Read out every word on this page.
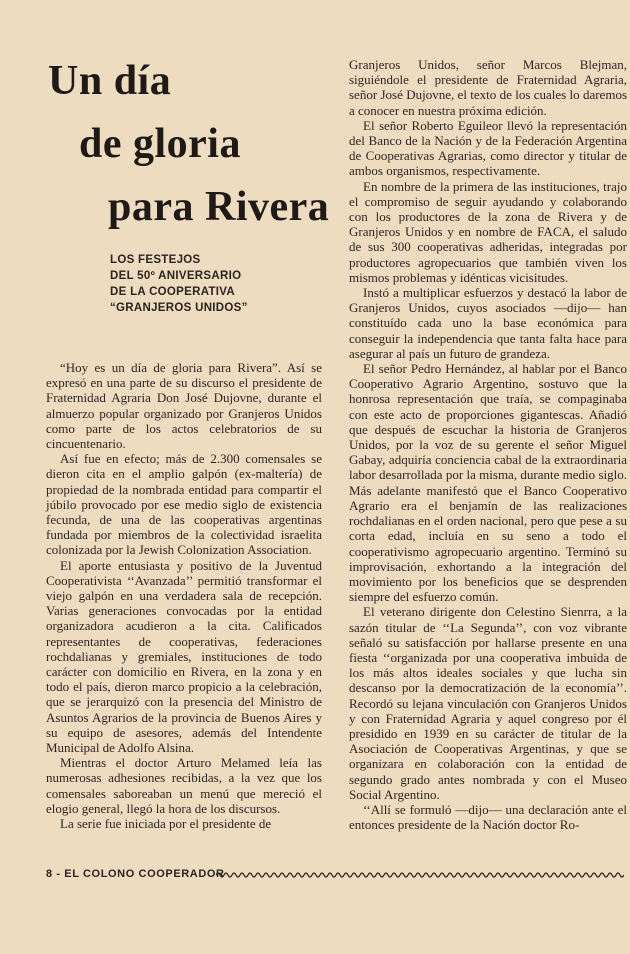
Un día
de gloria
para Rivera
LOS FESTEJOS
DEL 50º ANIVERSARIO
DE LA COOPERATIVA
“GRANJEROS UNIDOS”

“Hoy es un día de gloria para Rivera”. Así se expresó en una parte de su discurso el presidente de Fraternidad Agraria Don José Dujovne, durante el almuerzo popular organizado por Granjeros Unidos como parte de los actos celebratorios de su cincuentenario.

Así fue en efecto; más de 2.300 comensales se dieron cita en el amplio galpón (ex-maltería) de propiedad de la nombrada entidad para compartir el júbilo provocado por ese medio siglo de existencia fecunda, de una de las cooperativas argentinas fundada por miembros de la colectividad israelita colonizada por la Jewish Colonization Association.

El aporte entusiasta y positivo de la Juventud Cooperativista ‘‘Avanzada’’ permitió transformar el viejo galpón en una verdadera sala de recepción. Varias generaciones convocadas por la entidad organizadora acudieron a la cita. Calificados representantes de cooperativas, federaciones rochdalianas y gremiales, instituciones de todo carácter con domicilio en Rivera, en la zona y en todo el país, dieron marco propicio a la celebración, que se jerarquizó con la presencia del Ministro de Asuntos Agrarios de la provincia de Buenos Aires y su equipo de asesores, además del Intendente Municipal de Adolfo Alsina.

Mientras el doctor Arturo Melamed leía las numerosas adhesiones recibidas, a la vez que los comensales saboreaban un menú que mereció el elogio general, llegó la hora de los discursos.

La serie fue iniciada por el presidente de

Granjeros Unidos, señor Marcos Blejman, siguiéndole el presidente de Fraternidad Agraria, señor José Dujovne, el texto de los cuales lo daremos a conocer en nuestra próxima edición.

El señor Roberto Eguileor llevó la representación del Banco de la Nación y de la Federación Argentina de Cooperativas Agrarias, como director y titular de ambos organismos, respectivamente.

En nombre de la primera de las instituciones, trajo el compromiso de seguir ayudando y colaborando con los productores de la zona de Rivera y de Granjeros Unidos y en nombre de FACA, el saludo de sus 300 cooperativas adheridas, integradas por productores agropecuarios que también viven los mismos problemas y idénticas vicisitudes.

Instó a multiplicar esfuerzos y destacó la labor de Granjeros Unidos, cuyos asociados —dijo— han constituído cada uno la base económica para conseguir la independencia que tanta falta hace para asegurar al país un futuro de grandeza.

El señor Pedro Hernández, al hablar por el Banco Cooperativo Agrario Argentino, sostuvo que la honrosa representación que traía, se compaginaba con este acto de proporciones gigantescas. Añadió que después de escuchar la historia de Granjeros Unidos, por la voz de su gerente el señor Miguel Gabay, adquiría conciencia cabal de la extraordinaria labor desarrollada por la misma, durante medio siglo. Más adelante manifestó que el Banco Cooperativo Agrario era el benjamín de las realizaciones rochdalianas en el orden nacional, pero que pese a su corta edad, incluía en su seno a todo el cooperativismo agropecuario argentino. Terminó su improvisación, exhortando a la integración del movimiento por los beneficios que se desprenden siempre del esfuerzo común.

El veterano dirigente don Celestino Sienrra, a la sazón titular de ‘‘La Segunda’’, con voz vibrante señaló su satisfacción por hallarse presente en una fiesta ‘‘organizada por una cooperativa imbuida de los más altos ideales sociales y que lucha sin descanso por la democratización de la economía’’. Recordó su lejana vinculación con Granjeros Unidos y con Fraternidad Agraria y aquel congreso por él presidido en 1939 en su carácter de titular de la Asociación de Cooperativas Argentinas, y que se organizara en colaboración con la entidad de segundo grado antes nombrada y con el Museo Social Argentino.

‘‘Allí se formuló —dijo— una declaración ante el entonces presidente de la Nación doctor Ro-

8 - EL COLONO COOPERADOR
